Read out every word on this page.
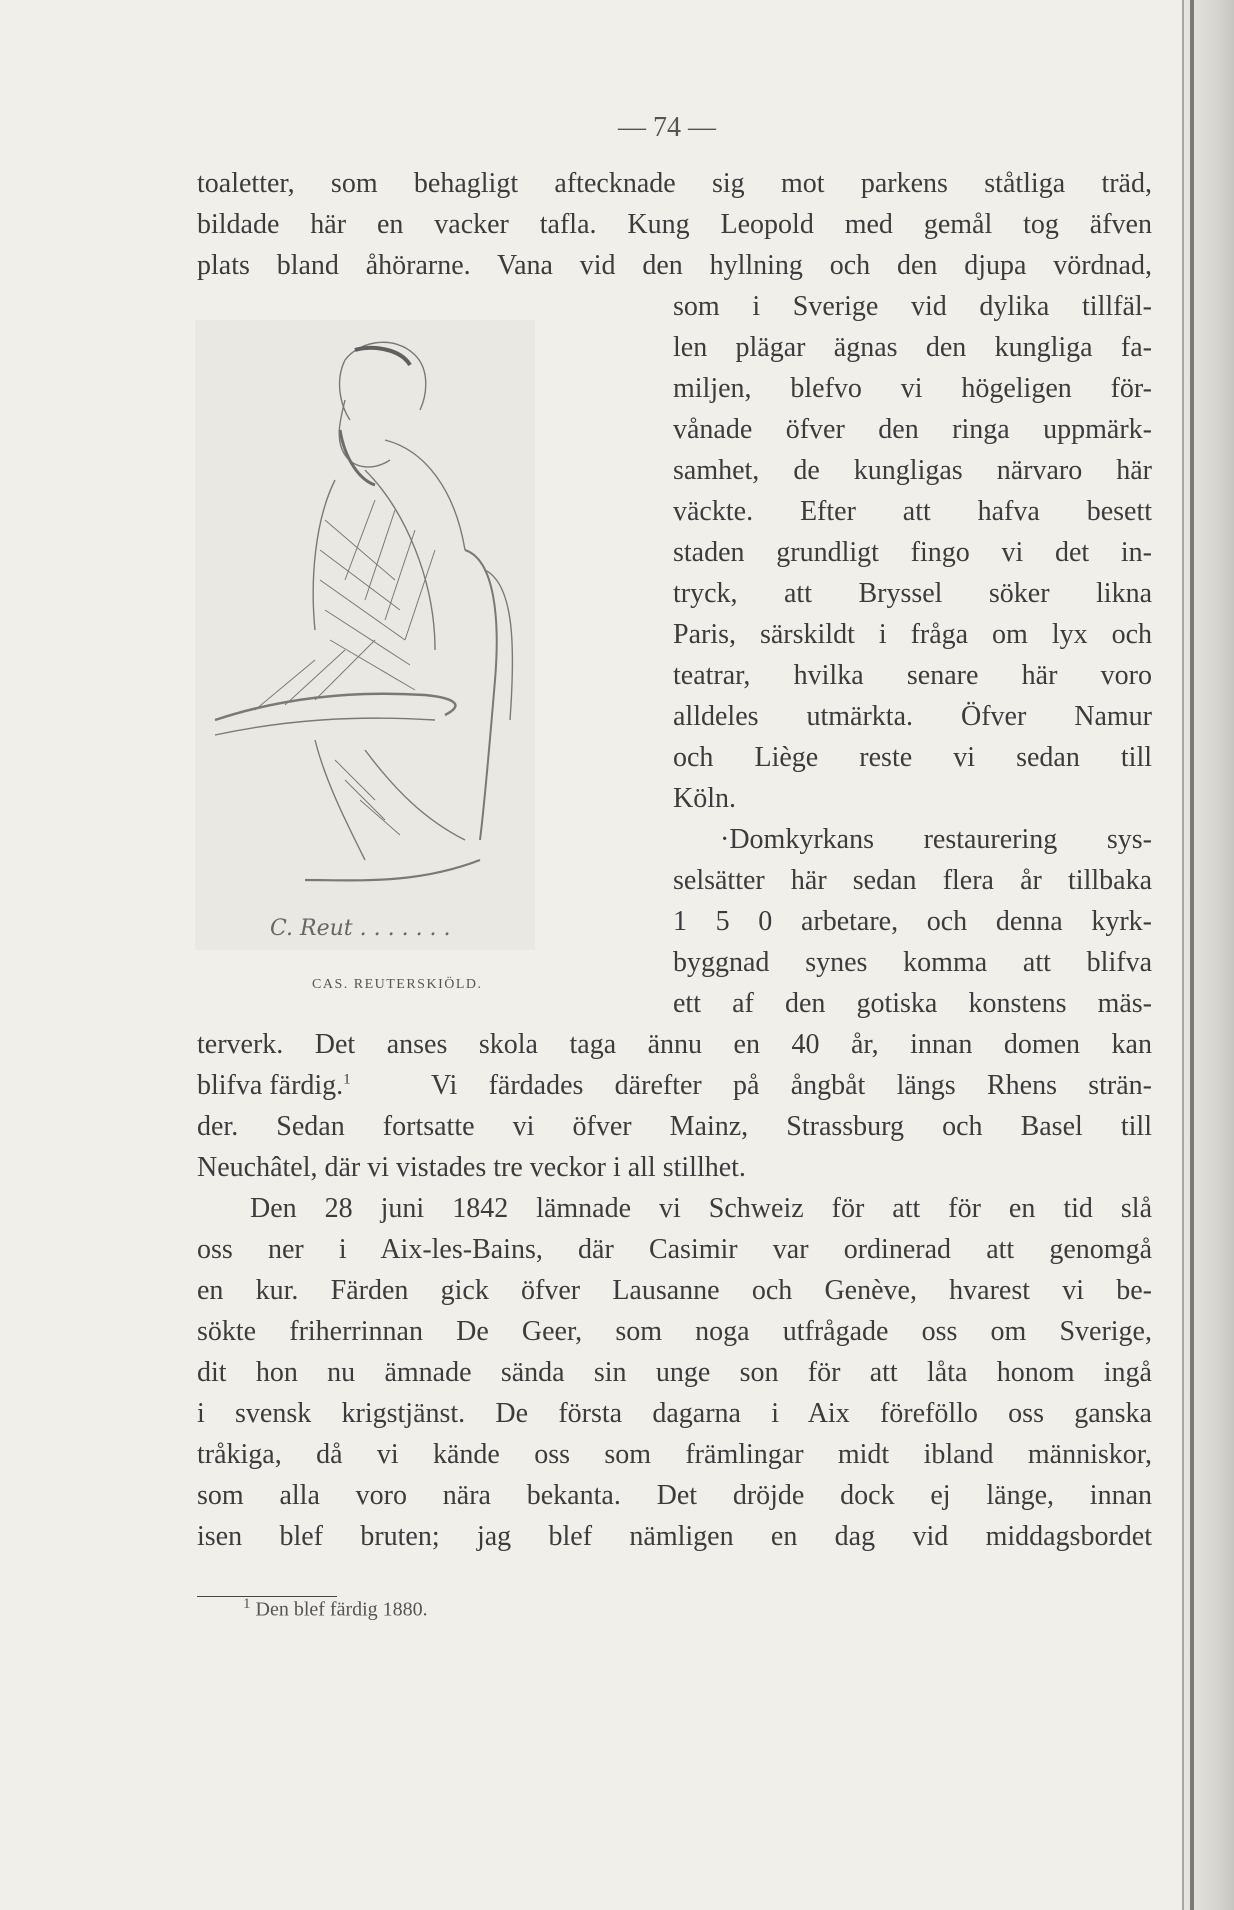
— 74 —
toaletter, som behagligt aftecknade sig mot parkens ståtliga träd,
bildade här en vacker tafla. Kung Leopold med gemål tog äfven
plats bland åhörarne. Vana vid den hyllning och den djupa vördnad,
som i Sverige vid dylika tillfäl-
len plägar ägnas den kungliga fa-
miljen, blefvo vi högeligen för-
vånade öfver den ringa uppmärk-
samhet, de kungligas närvaro här
väckte. Efter att hafva besett
staden grundligt fingo vi det in-
tryck, att Bryssel söker likna
Paris, särskildt i fråga om lyx och
teatrar, hvilka senare här voro
alldeles utmärkta. Öfver Namur
och Liège reste vi sedan till
Köln.
·Domkyrkans restaurering sys-
selsätter här sedan flera år tillbaka
1 5 0 arbetare, och denna kyrk-
byggnad synes komma att blifva
ett af den gotiska konstens mäs-
terverk. Det anses skola taga ännu en 40 år, innan domen kan
blifva färdig.$^1$	Vi färdades därefter på ångbåt längs Rhens strän-
der. Sedan fortsatte vi öfver Mainz, Strassburg och Basel till
Neuchâtel, där vi vistades tre veckor i all stillhet.
Den 28 juni 1842 lämnade vi Schweiz för att för en tid slå
oss ner i Aix-les-Bains, där Casimir var ordinerad att genomgå
en kur. Färden gick öfver Lausanne och Genève, hvarest vi be-
sökte friherrinnan De Geer, som noga utfrågade oss om Sverige,
dit hon nu ämnade sända sin unge son för att låta honom ingå
i svensk krigstjänst. De första dagarna i Aix föreföllo oss ganska
tråkiga, då vi kände oss som främlingar midt ibland människor,
som alla voro nära bekanta. Det dröjde dock ej länge, innan
isen blef bruten; jag blef nämligen en dag vid middagsbordet
C. Reut . . . . . . .
CAS. REUTERSKIÖLD.
$^1$ Den blef färdig 1880.
